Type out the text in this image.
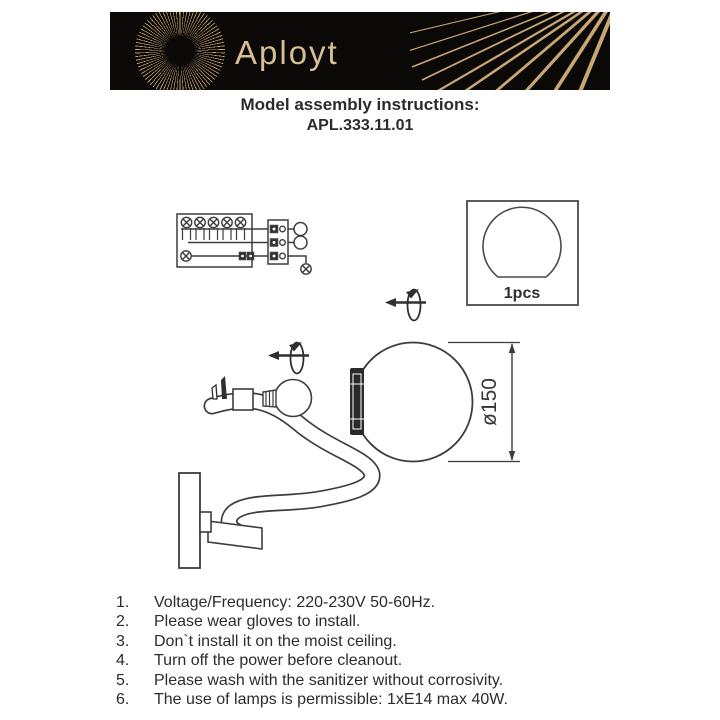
Aployt

Model assembly instructions:

APL.333.11.01

1pcs
ø150
1.	Voltage/Frequency: 220-230V 50-60Hz.
2.	Please wear gloves to install.
3.	Don`t install it on the moist ceiling.
4.	Turn off the power before cleanout.
5.	Please wash with the sanitizer without corrosivity.
6.	The use of lamps is permissible: 1xE14 max 40W.
